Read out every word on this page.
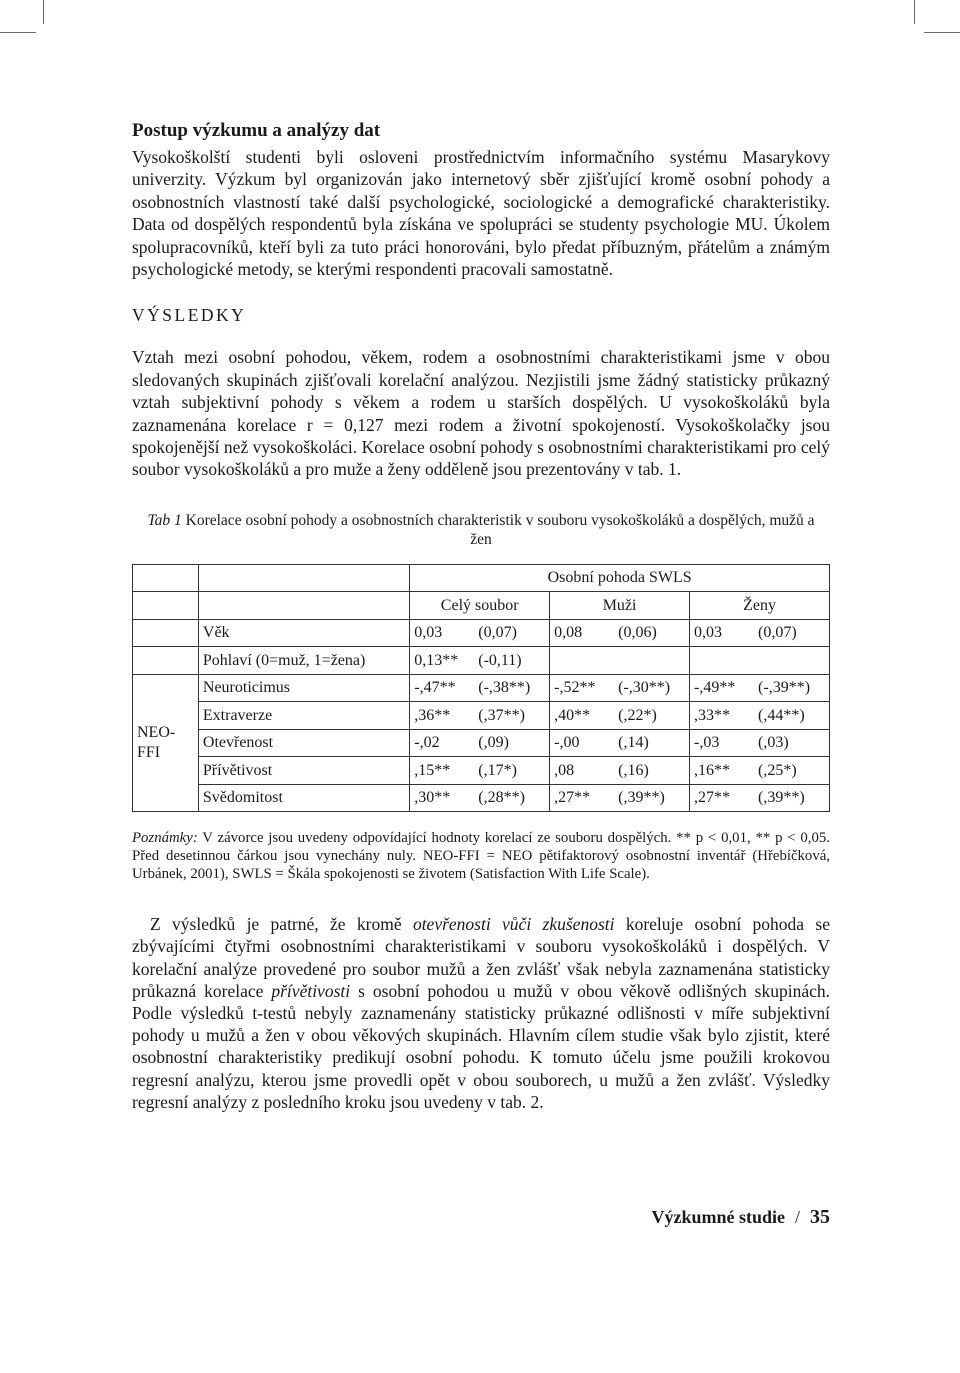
Postup výzkumu a analýzy dat

Vysokoškolští studenti byli osloveni prostřednictvím informačního systému Masarykovy univerzity. Výzkum byl organizován jako internetový sběr zjišťující kromě osobní pohody a osobnostních vlastností také další psychologické, sociologické a demografické charakteristiky. Data od dospělých respondentů byla získána ve spolupráci se studenty psychologie MU. Úkolem spolupracovníků, kteří byli za tuto práci honorováni, bylo předat příbuzným, přátelům a známým psychologické metody, se kterými respondenti pracovali samostatně.

VÝSLEDKY

Vztah mezi osobní pohodou, věkem, rodem a osobnostními charakteristikami jsme v obou sledovaných skupinách zjišťovali korelační analýzou. Nezjistili jsme žádný statisticky průkazný vztah subjektivní pohody s věkem a rodem u starších dospělých. U vysokoškoláků byla zaznamenána korelace r = 0,127 mezi rodem a životní spokojeností. Vysokoškolačky jsou spokojenější než vysokoškoláci. Korelace osobní pohody s osobnostními charakteristikami pro celý soubor vysokoškoláků a pro muže a ženy odděleně jsou prezentovány v tab. 1.

Tab 1 Korelace osobní pohody a osobnostních charakteristik v souboru vysokoškoláků a dospělých, mužů a žen
		Osobní pohoda SWLS		
		Celý soubor	Muži	Ženy
	Věk	0,03 (0,07)	0,08 (0,06)	0,03 (0,07)
	Pohlaví (0=muž, 1=žena)	0,13** (-0,11)		
NEO-FFI	Neuroticimus	-,47** (-,38**)	-,52** (-,30**)	-,49** (-,39**)
	Extraverze	,36** (,37**)	,40** (,22*)	,33** (,44**)
	Otevřenost	-,02 (,09)	-,00 (,14)	-,03 (,03)
	Přívětivost	,15** (,17*)	,08 (,16)	,16** (,25*)
	Svědomitost	,30** (,28**)	,27** (,39**)	,27** (,39**)
Poznámky: V závorce jsou uvedeny odpovídající hodnoty korelací ze souboru dospělých. ** p < 0,01, ** p < 0,05. Před desetinnou čárkou jsou vynechány nuly. NEO-FFI = NEO pětifaktorový osobnostní inventář (Hřebíčková, Urbánek, 2001), SWLS = Škála spokojenosti se životem (Satisfaction With Life Scale).

Z výsledků je patrné, že kromě otevřenosti vůči zkušenosti koreluje osobní pohoda se zbývajícími čtyřmi osobnostními charakteristikami v souboru vysokoškoláků i dospělých. V korelační analýze provedené pro soubor mužů a žen zvlášť však nebyla zaznamenána statisticky průkazná korelace přívětivosti s osobní pohodou u mužů v obou věkově odlišných skupinách. Podle výsledků t-testů nebyly zaznamenány statisticky průkazné odlišnosti v míře subjektivní pohody u mužů a žen v obou věkových skupinách. Hlavním cílem studie však bylo zjistit, které osobnostní charakteristiky predikují osobní pohodu. K tomuto účelu jsme použili krokovou regresní analýzu, kterou jsme provedli opět v obou souborech, u mužů a žen zvlášť. Výsledky regresní analýzy z posledního kroku jsou uvedeny v tab. 2.

Výzkumné studie / 35
